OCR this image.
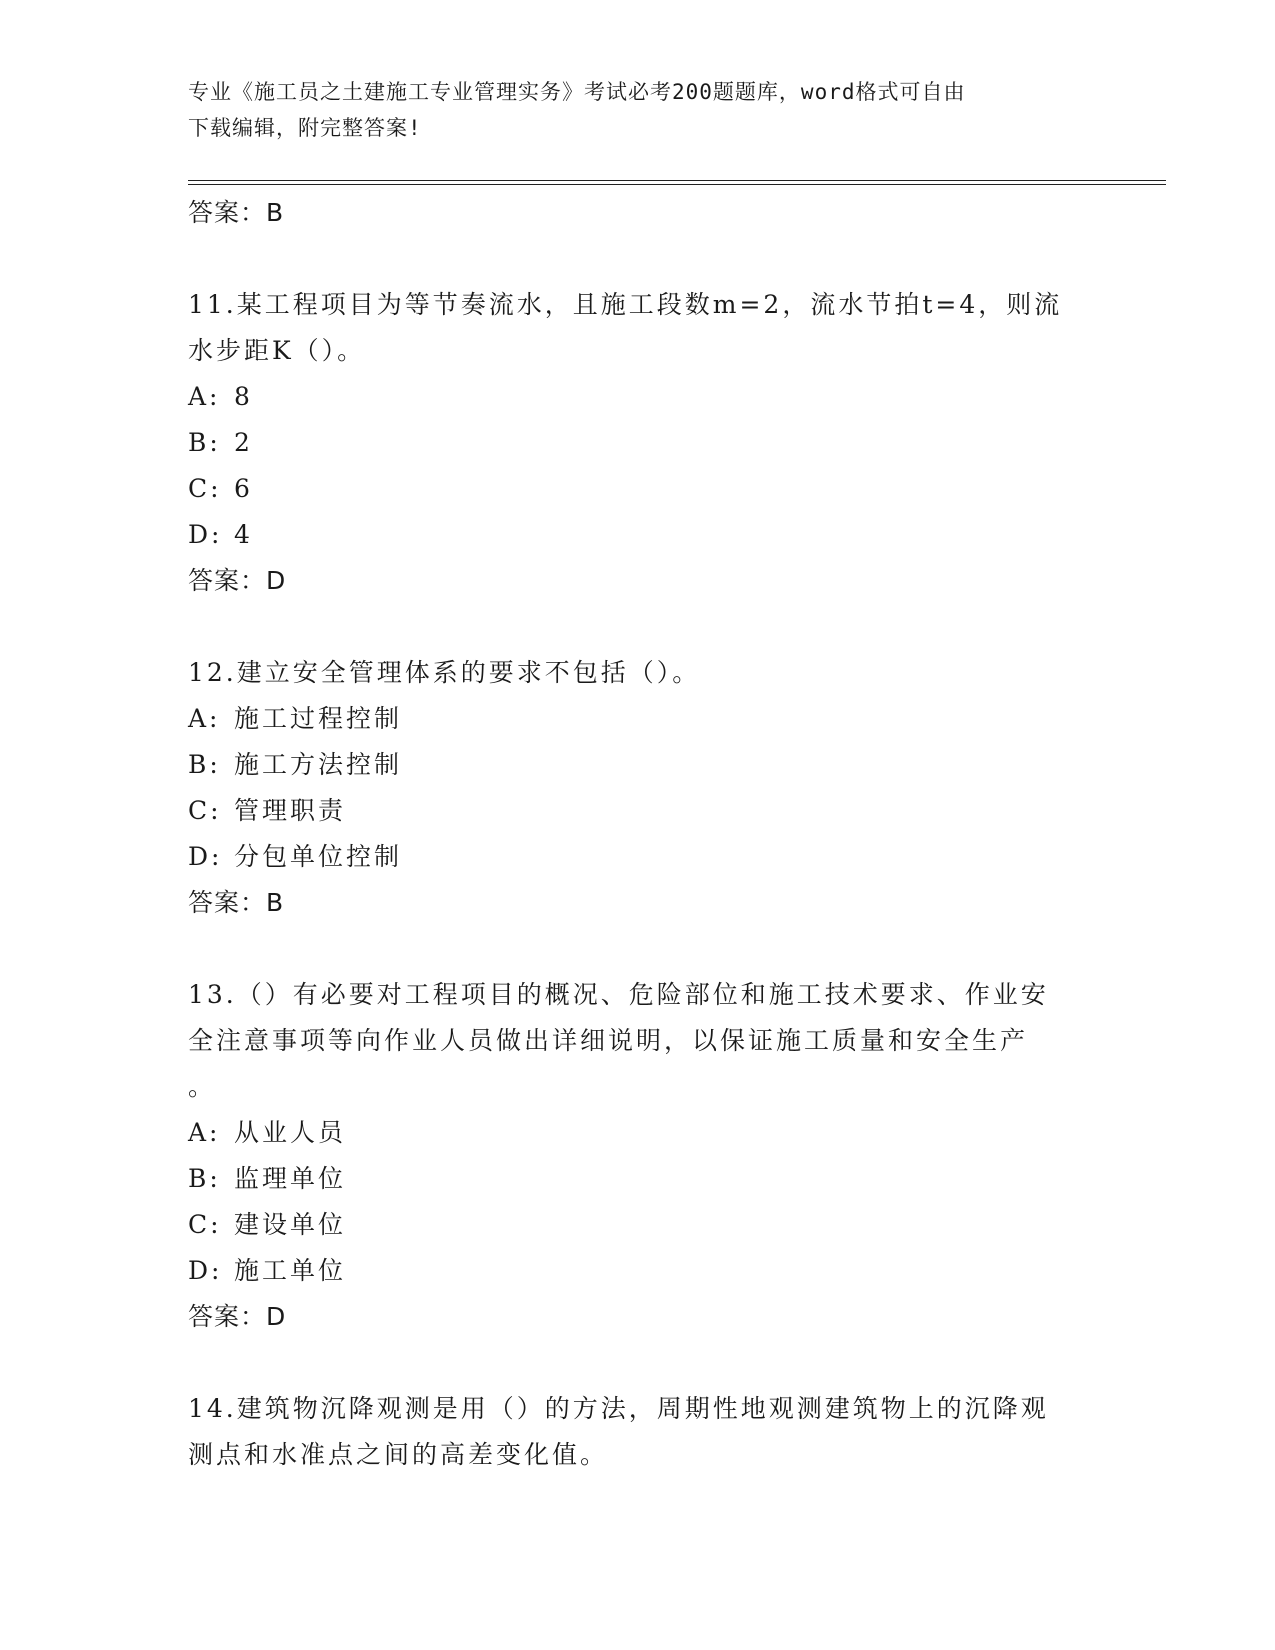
专业《施工员之土建施工专业管理实务》考试必考200题题库，word格式可自由
下载编辑，附完整答案!
答案：B
11.某工程项目为等节奏流水，且施工段数m=2，流水节拍t=4，则流
水步距K（）。
A: 8
B: 2
C: 6
D: 4
答案：D
12.建立安全管理体系的要求不包括（）。
A: 施工过程控制
B: 施工方法控制
C: 管理职责
D: 分包单位控制
答案：B
13.（）有必要对工程项目的概况、危险部位和施工技术要求、作业安
全注意事项等向作业人员做出详细说明，以保证施工质量和安全生产
。
A: 从业人员
B: 监理单位
C: 建设单位
D: 施工单位
答案：D
14.建筑物沉降观测是用（）的方法，周期性地观测建筑物上的沉降观
测点和水准点之间的高差变化值。
